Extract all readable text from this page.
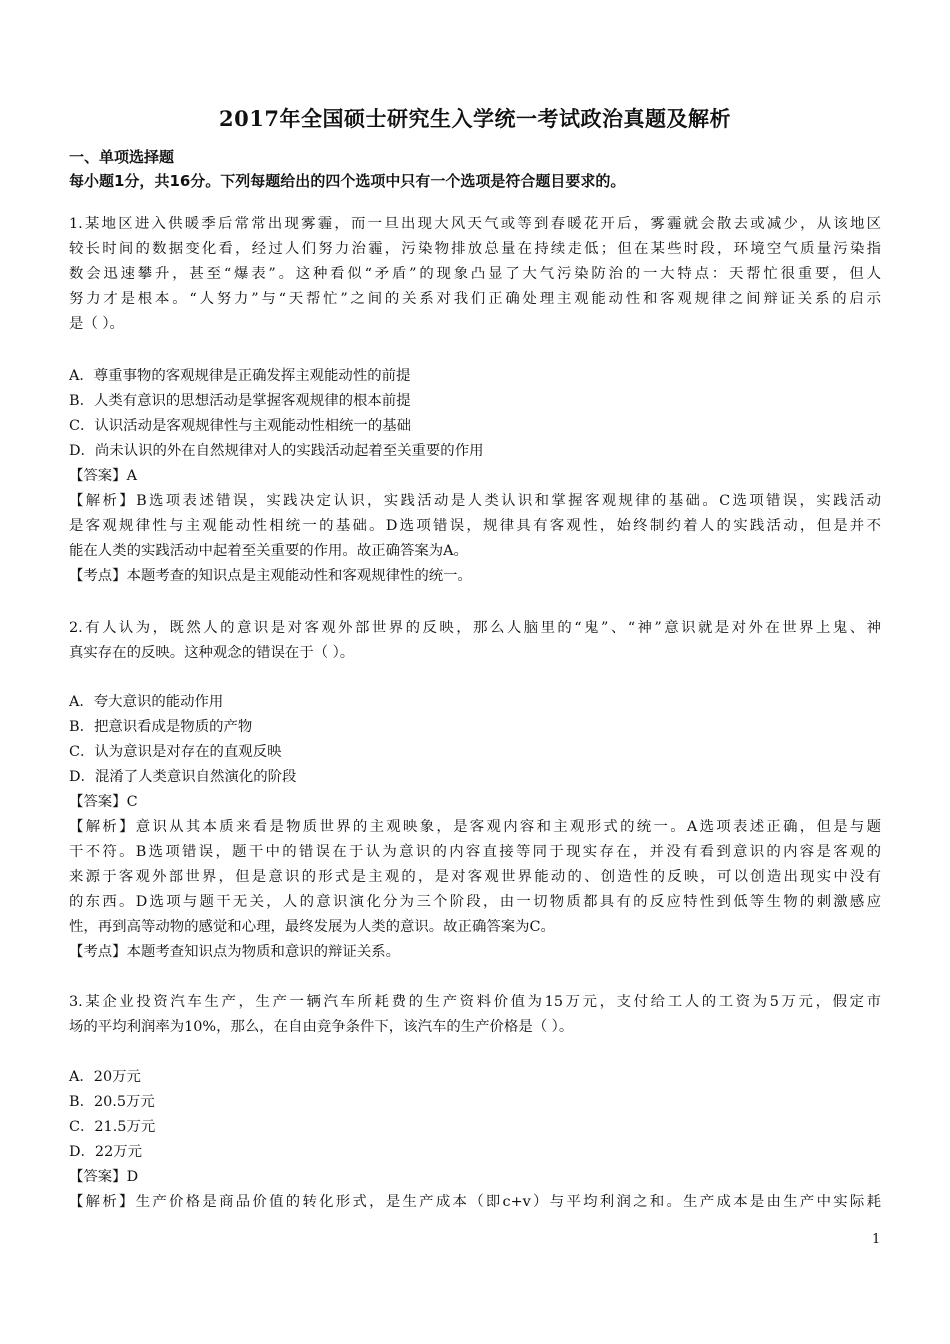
2017年全国硕士研究生入学统一考试政治真题及解析
一、单项选择题
每小题1分，共16分。下列每题给出的四个选项中只有一个选项是符合题目要求的。
1.某地区进入供暖季后常常出现雾霾，而一旦出现大风天气或等到春暖花开后，雾霾就会散去或减少，从该地区
较长时间的数据变化看，经过人们努力治霾，污染物排放总量在持续走低；但在某些时段，环境空气质量污染指
数会迅速攀升，甚至“爆表”。这种看似“矛盾”的现象凸显了大气污染防治的一大特点：天帮忙很重要，但人
努力才是根本。“人努力”与“天帮忙”之间的关系对我们正确处理主观能动性和客观规律之间辩证关系的启示
是（ ）。
A．尊重事物的客观规律是正确发挥主观能动性的前提
B．人类有意识的思想活动是掌握客观规律的根本前提
C．认识活动是客观规律性与主观能动性相统一的基础
D．尚未认识的外在自然规律对人的实践活动起着至关重要的作用
【答案】A
【解析】B选项表述错误，实践决定认识，实践活动是人类认识和掌握客观规律的基础。C选项错误，实践活动
是客观规律性与主观能动性相统一的基础。D选项错误，规律具有客观性，始终制约着人的实践活动，但是并不
能在人类的实践活动中起着至关重要的作用。故正确答案为A。
【考点】本题考查的知识点是主观能动性和客观规律性的统一。
2.有人认为，既然人的意识是对客观外部世界的反映，那么人脑里的“鬼”、“神”意识就是对外在世界上鬼、神
真实存在的反映。这种观念的错误在于（ ）。
A．夸大意识的能动作用
B．把意识看成是物质的产物
C．认为意识是对存在的直观反映
D．混淆了人类意识自然演化的阶段
【答案】C
【解析】意识从其本质来看是物质世界的主观映象，是客观内容和主观形式的统一。A选项表述正确，但是与题
干不符。B选项错误，题干中的错误在于认为意识的内容直接等同于现实存在，并没有看到意识的内容是客观的
来源于客观外部世界，但是意识的形式是主观的，是对客观世界能动的、创造性的反映，可以创造出现实中没有
的东西。D选项与题干无关，人的意识演化分为三个阶段，由一切物质都具有的反应特性到低等生物的刺激感应
性，再到高等动物的感觉和心理，最终发展为人类的意识。故正确答案为C。
【考点】本题考查知识点为物质和意识的辩证关系。
3.某企业投资汽车生产，生产一辆汽车所耗费的生产资料价值为15万元，支付给工人的工资为5万元，假定市
场的平均利润率为10%，那么，在自由竞争条件下，该汽车的生产价格是（ ）。
A．20万元
B．20.5万元
C．21.5万元
D．22万元
【答案】D
【解析】生产价格是商品价值的转化形式，是生产成本（即c+v）与平均利润之和。生产成本是由生产中实际耗
1
